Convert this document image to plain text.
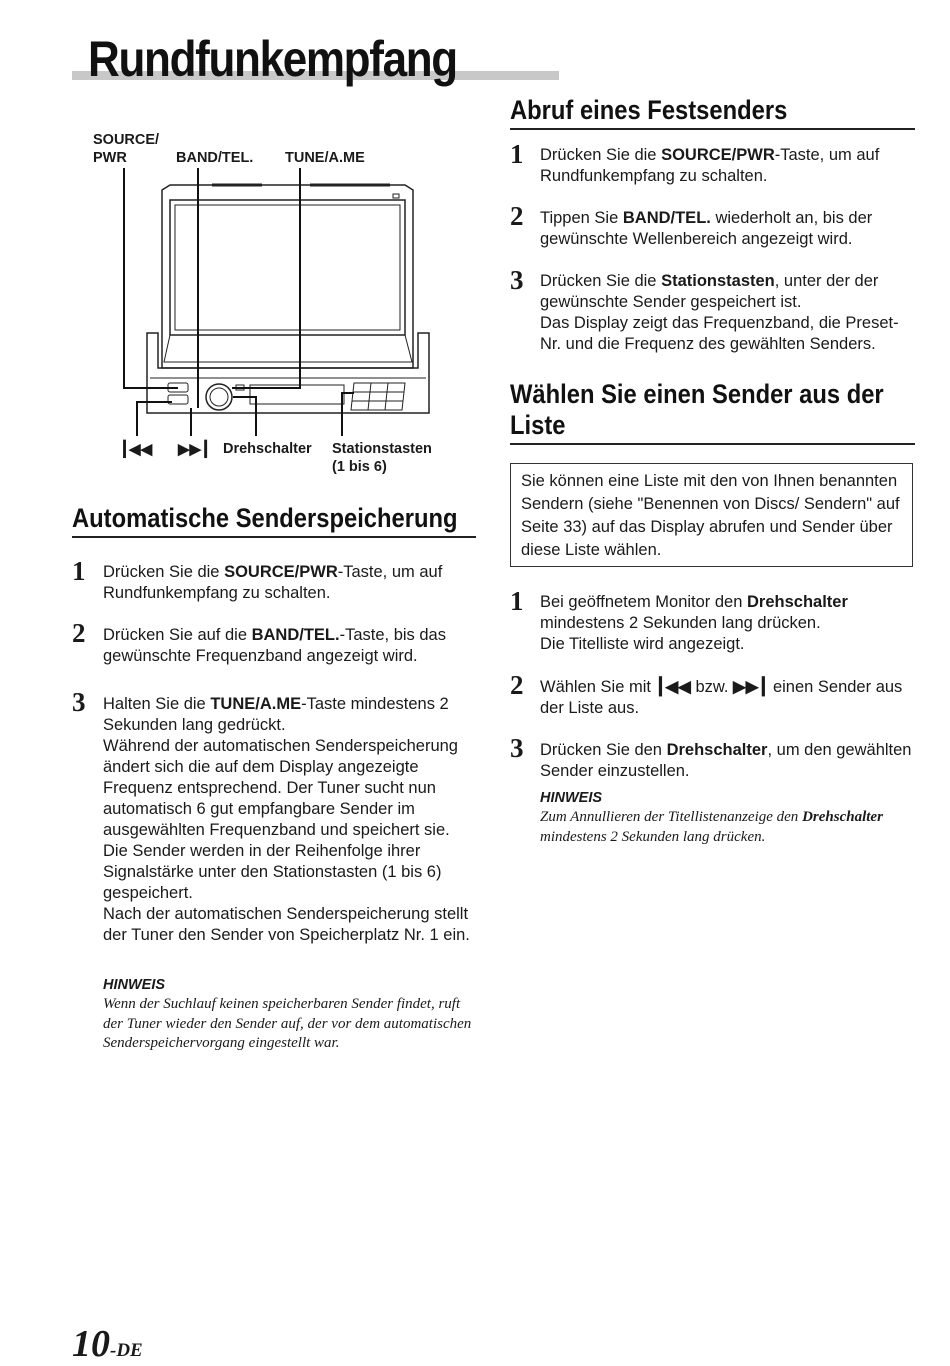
Rundfunkempfang
SOURCE/
PWR	BAND/TEL. TUNE/A.ME
┃◀◀ ▶▶┃ Drehschalter Stationstasten
(1 bis 6)
Automatische Senderspeicherung
1 Drücken Sie die SOURCE/PWR-Taste, um auf Rundfunkempfang zu schalten.

2 Drücken Sie auf die BAND/TEL.-Taste, bis das gewünschte Frequenzband angezeigt wird.

3 Halten Sie die TUNE/A.ME-Taste mindestens 2 Sekunden lang gedrückt.

Während der automatischen Senderspeicherung ändert sich die auf dem Display angezeigte Frequenz entsprechend. Der Tuner sucht nun automatisch 6 gut empfangbare Sender im ausgewählten Frequenzband und speichert sie. Die Sender werden in der Reihenfolge ihrer Signalstärke unter den Stationstasten (1 bis 6) gespeichert.

Nach der automatischen Senderspeicherung stellt der Tuner den Sender von Speicherplatz Nr. 1 ein.

HINWEIS
Wenn der Suchlauf keinen speicherbaren Sender findet, ruft der Tuner wieder den Sender auf, der vor dem automatischen Senderspeichervorgang eingestellt war.
Abruf eines Festsenders
1 Drücken Sie die SOURCE/PWR-Taste, um auf Rundfunkempfang zu schalten.

2 Tippen Sie BAND/TEL. wiederholt an, bis der gewünschte Wellenbereich angezeigt wird.

3 Drücken Sie die Stationstasten, unter der der gewünschte Sender gespeichert ist.

Das Display zeigt das Frequenzband, die Preset-Nr. und die Frequenz des gewählten Senders.

Wählen Sie einen Sender aus der
Liste
Sie können eine Liste mit den von Ihnen benannten Sendern (siehe "Benennen von Discs/ Sendern" auf Seite 33) auf das Display abrufen und Sender über diese Liste wählen.
1 Bei geöffnetem Monitor den Drehschalter mindestens 2 Sekunden lang drücken.

Die Titelliste wird angezeigt.

2 Wählen Sie mit ┃◀◀ bzw. ▶▶┃ einen Sender aus der Liste aus.

3 Drücken Sie den Drehschalter, um den gewählten Sender einzustellen.

HINWEIS
Zum Annullieren der Titellistenanzeige den Drehschalter mindestens 2 Sekunden lang drücken.
10-DE
